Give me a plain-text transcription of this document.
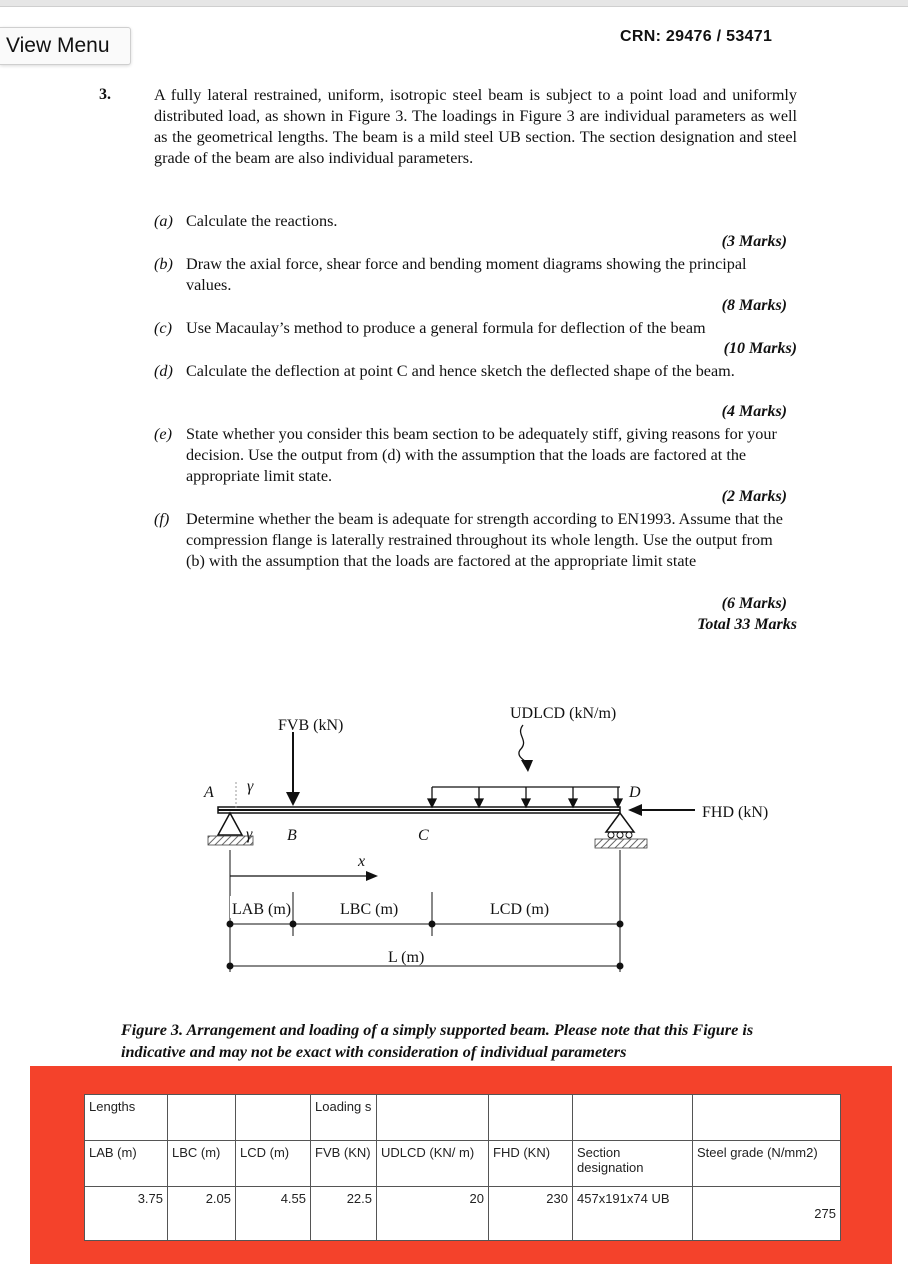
View Menu	CRN: 29476 / 53471
3.	A fully lateral restrained, uniform, isotropic steel beam is subject to a point load and uniformly distributed load, as shown in Figure 3. The loadings in Figure 3 are individual parameters as well as the geometrical lengths. The beam is a mild steel UB section. The section designation and steel grade of the beam are also individual parameters.
(a) Calculate the reactions.
(3 Marks)
(b) Draw the axial force, shear force and bending moment diagrams showing the principal values.
(8 Marks)
(c) Use Macaulay’s method to produce a general formula for deflection of the beam
(10 Marks)
(d) Calculate the deflection at point C and hence sketch the deflected shape of the beam.
(4 Marks)
(e) State whether you consider this beam section to be adequately stiff, giving reasons for your decision. Use the output from (d) with the assumption that the loads are factored at the appropriate limit state.
(2 Marks)
(f) Determine whether the beam is adequate for strength according to EN1993. Assume that the compression flange is laterally restrained throughout its whole length. Use the output from (b) with the assumption that the loads are factored at the appropriate limit state
(6 Marks)
Total 33 Marks
FVB (kN)
UDLCD (kN/m)
FHD (kN)
A γ
γ B	C
D
x
LAB (m)	LBC (m)	LCD (m)
L (m)
Figure 3. Arrangement and loading of a simply supported beam. Please note that this Figure is indicative and may not be exact with consideration of individual parameters
Lengths			Loading s				
LAB (m)	LBC (m)	LCD (m)	FVB (KN)	UDLCD (KN/ m)	FHD (KN)	Section designation	Steel grade (N/mm2)
3.75	2.05	4.55	22.5	20	230	457x191x74 UB	275
